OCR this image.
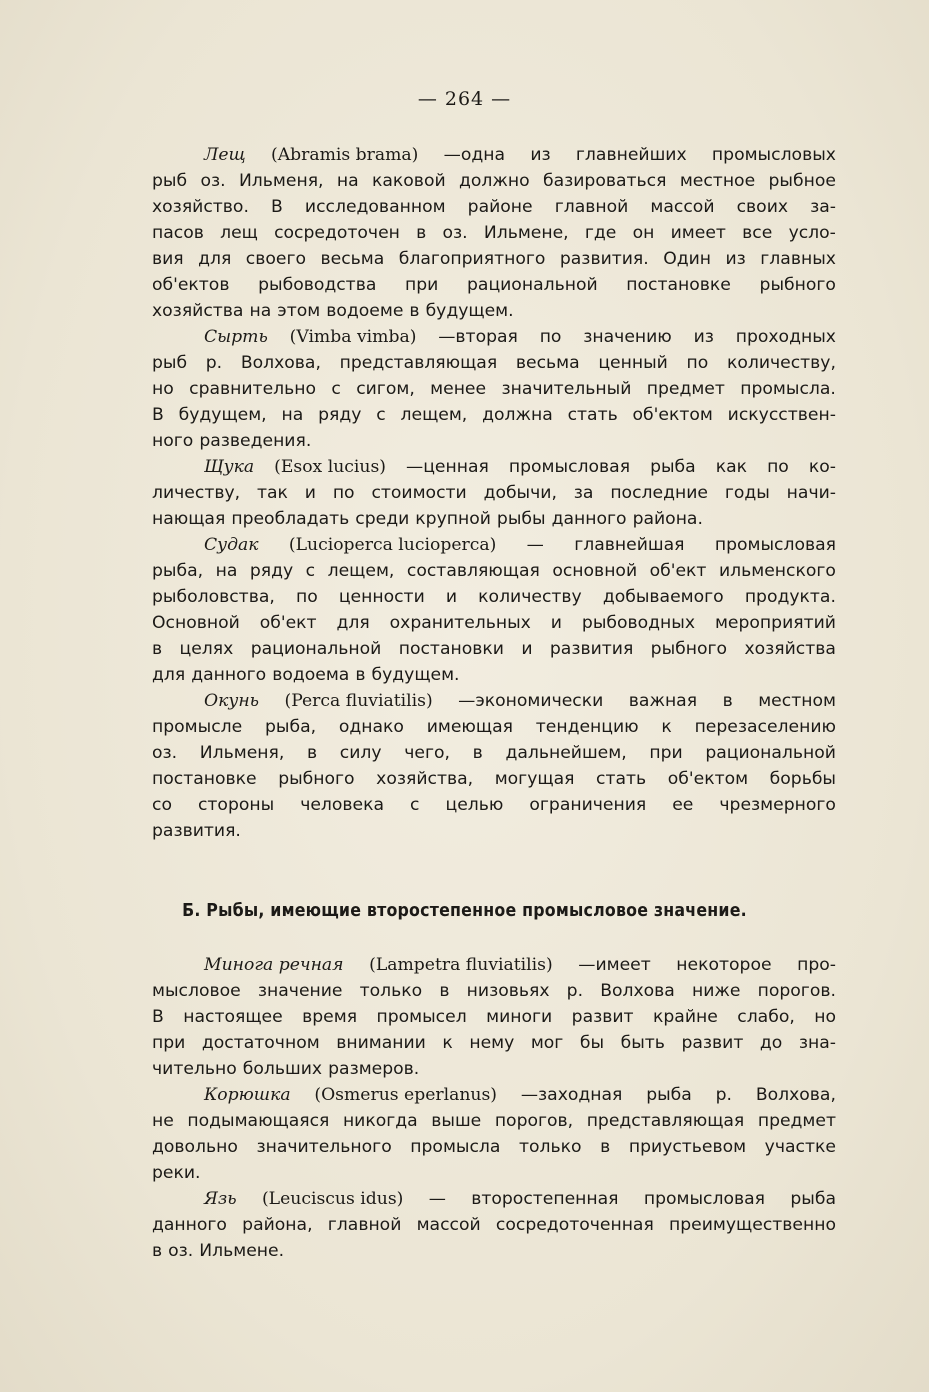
— 264 —
Лещ (Abramis brama) —одна из главнейших промысловых
рыб оз. Ильменя, на каковой должно базироваться местное рыбное
хозяйство. В исследованном районе главной массой своих за-
пасов лещ сосредоточен в оз. Ильмене, где он имеет все усло-
вия для своего весьма благоприятного развития. Один из главных
об'ектов рыбоводства при рациональной постановке рыбного
хозяйства на этом водоеме в будущем.
Сырть (Vimba vimba) —вторая по значению из проходных
рыб р. Волхова, представляющая весьма ценный по количеству,
но сравнительно с сигом, менее значительный предмет промысла.
В будущем, на ряду с лещем, должна стать об'ектом искусствен-
ного разведения.
Щука (Esox lucius) —ценная промысловая рыба как по ко-
личеству, так и по стоимости добычи, за последние годы начи-
нающая преобладать среди крупной рыбы данного района.
Судак (Lucioperca lucioperca) — главнейшая промысловая
рыба, на ряду с лещем, составляющая основной об'ект ильменского
рыболовства, по ценности и количеству добываемого продукта.
Основной об'ект для охранительных и рыбоводных мероприятий
в целях рациональной постановки и развития рыбного хозяйства
для данного водоема в будущем.
Окунь (Perca fluviatilis) —экономически важная в местном
промысле рыба, однако имеющая тенденцию к перезаселению
оз. Ильменя, в силу чего, в дальнейшем, при рациональной
постановке рыбного хозяйства, могущая стать об'ектом борьбы
со стороны человека с целью ограничения ее чрезмерного
развития.
Б. Рыбы, имеющие второстепенное промысловое значение.
Минога речная (Lampetra fluviatilis) —имеет некоторое про-
мысловое значение только в низовьях р. Волхова ниже порогов.
В настоящее время промысел миноги развит крайне слабо, но
при достаточном внимании к нему мог бы быть развит до зна-
чительно больших размеров.
Корюшка (Osmerus eperlanus) —заходная рыба р. Волхова,
не подымающаяся никогда выше порогов, представляющая предмет
довольно значительного промысла только в приустьевом участке
реки.
Язь (Leuciscus idus) — второстепенная промысловая рыба
данного района, главной массой сосредоточенная преимущественно
в оз. Ильмене.
